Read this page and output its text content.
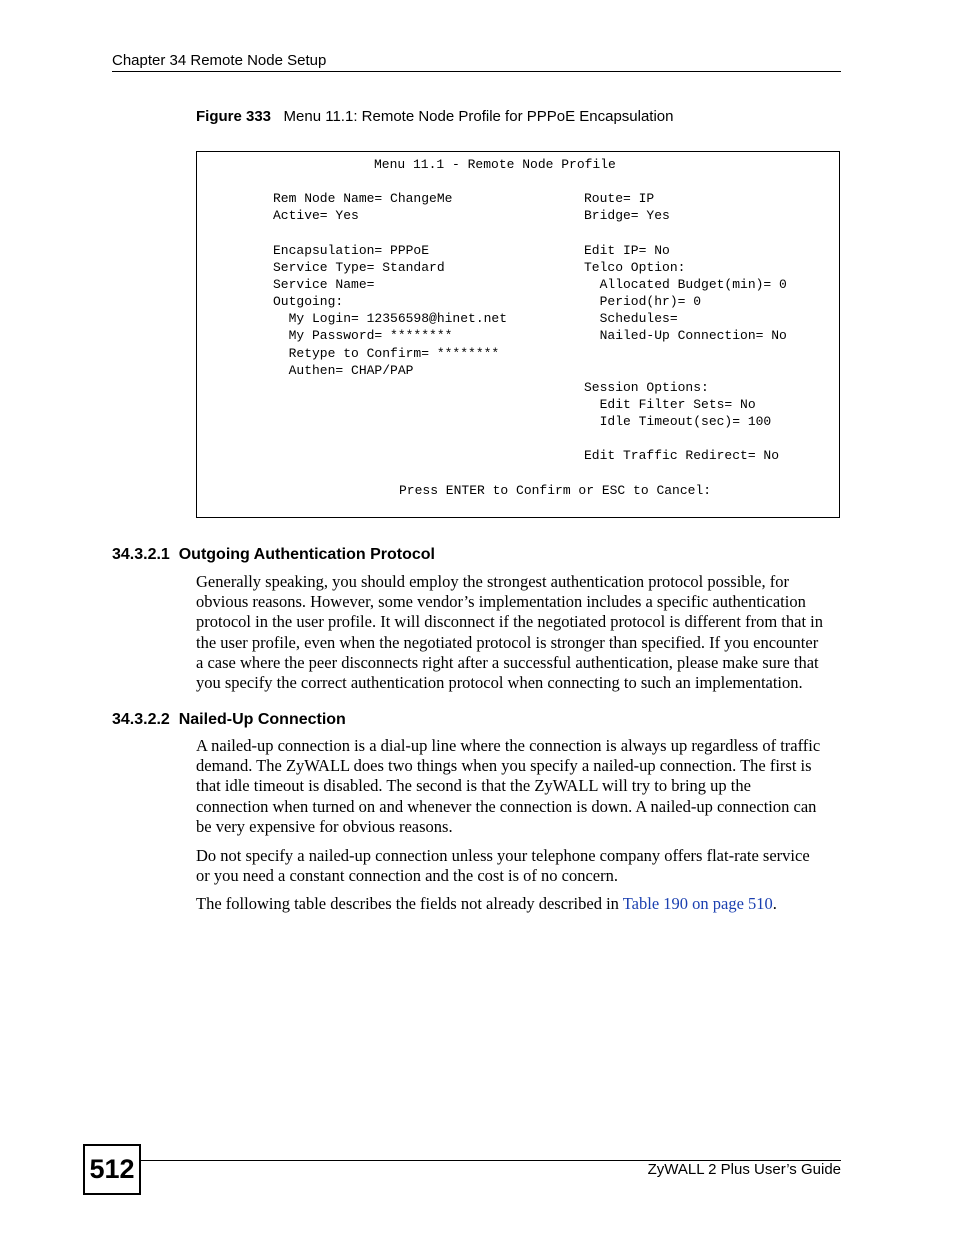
Chapter 34 Remote Node Setup
Figure 333 Menu 11.1: Remote Node Profile for PPPoE Encapsulation
Menu 11.1 - Remote Node Profile
Rem Node Name= ChangeMe
Active= Yes
Encapsulation= PPPoE
Service Type= Standard
Service Name=
Outgoing:
My Login= 12356598@hinet.net
My Password= ********
Retype to Confirm= ********
Authen= CHAP/PAP
Route= IP
Bridge= Yes
Edit IP= No
Telco Option:
Allocated Budget(min)= 0
Period(hr)= 0
Schedules=
Nailed-Up Connection= No
Session Options:
Edit Filter Sets= No
Idle Timeout(sec)= 100
Edit Traffic Redirect= No
Press ENTER to Confirm or ESC to Cancel:
34.3.2.1  Outgoing Authentication Protocol

Generally speaking, you should employ the strongest authentication protocol possible, for
obvious reasons. However, some vendor’s implementation includes a specific authentication
protocol in the user profile. It will disconnect if the negotiated protocol is different from that in
the user profile, even when the negotiated protocol is stronger than specified. If you encounter
a case where the peer disconnects right after a successful authentication, please make sure that
you specify the correct authentication protocol when connecting to such an implementation.

34.3.2.2  Nailed-Up Connection

A nailed-up connection is a dial-up line where the connection is always up regardless of traffic
demand. The ZyWALL does two things when you specify a nailed-up connection. The first is
that idle timeout is disabled. The second is that the ZyWALL will try to bring up the
connection when turned on and whenever the connection is down. A nailed-up connection can
be very expensive for obvious reasons.

Do not specify a nailed-up connection unless your telephone company offers flat-rate service
or you need a constant connection and the cost is of no concern.

The following table describes the fields not already described in Table 190 on page 510.

512	ZyWALL 2 Plus User’s Guide
